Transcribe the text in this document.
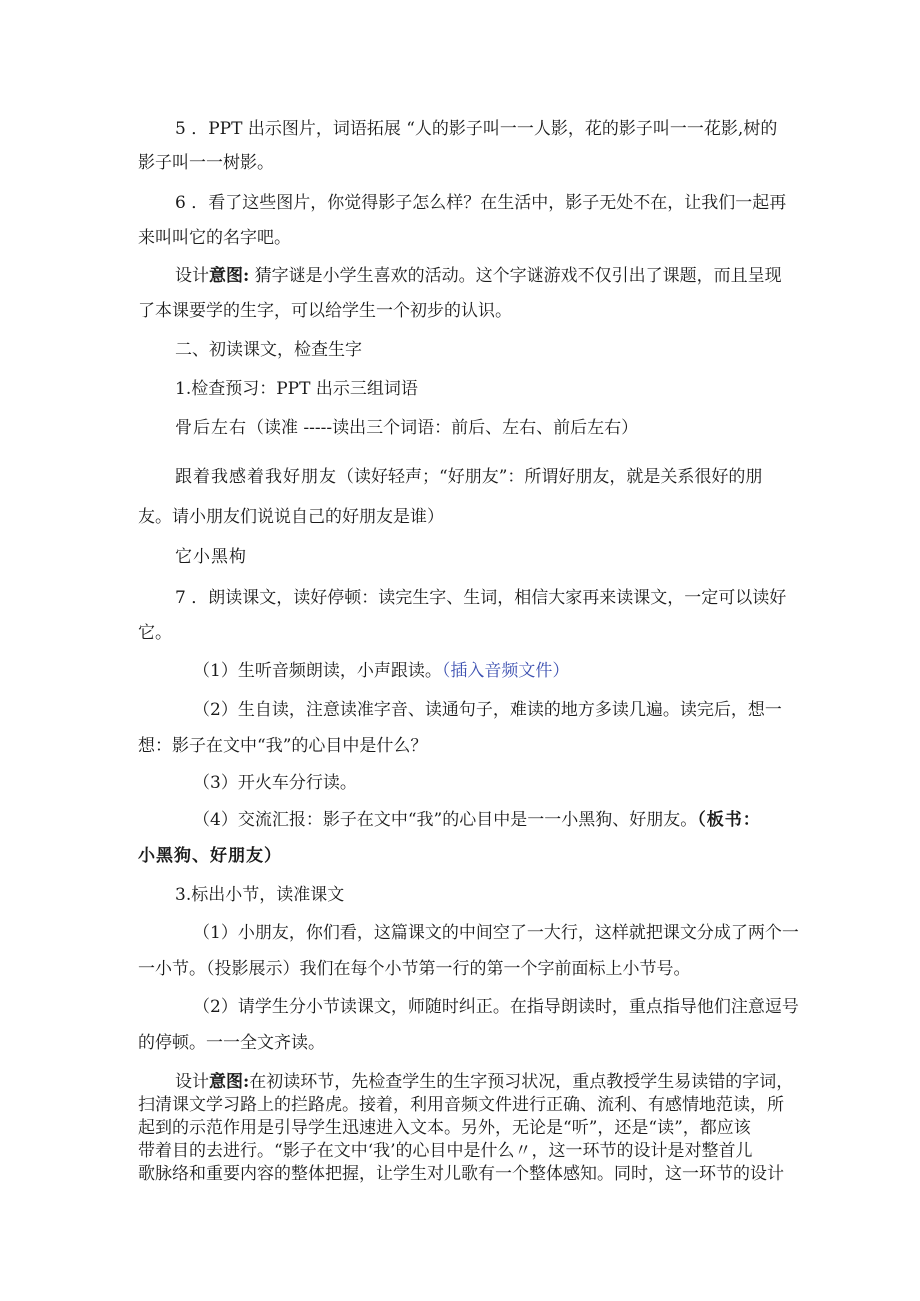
5 ．PPT 出示图片，词语拓展 “人的影子叫一一人影，花的影子叫一一花影,树的
影子叫一一树影。
6 ．看了这些图片，你觉得影子怎么样？在生活中，影子无处不在，让我们一起再
来叫叫它的名字吧。
设计意图: 猜字谜是小学生喜欢的活动。这个字谜游戏不仅引出了课题，而且呈现
了本课要学的生字，可以给学生一个初步的认识。
二、初读课文，检查生字
1.检查预习：PPT 出示三组词语
骨后左右（读准 -----读出三个词语：前后、左右、前后左右）
跟着我感着我好朋友（读好轻声；“好朋友”：所谓好朋友，就是关系很好的朋
友。请小朋友们说说自己的好朋友是谁）
它小黑枸
7 ．朗读课文，读好停顿：读完生字、生词，相信大家再来读课文，一定可以读好
它。
（1）生听音频朗读，小声跟读。（插入音频文件）
（2）生自读，注意读准字音、读通句子，难读的地方多读几遍。读完后，想一
想：影子在文中“我”的心目中是什么？
（3）开火车分行读。
（4）交流汇报：影子在文中“我”的心目中是一一小黑狗、好朋友。（板书：
小黑狗、好朋友）
3.标出小节，读准课文
（1）小朋友，你们看，这篇课文的中间空了一大行，这样就把课文分成了两个一
一小节。（投影展示）我们在每个小节第一行的第一个字前面标上小节号。
（2）请学生分小节读课文，师随时纠正。在指导朗读时，重点指导他们注意逗号
的停顿。一一全文齐读。
设计意图:在初读环节，先检查学生的生字预习状况，重点教授学生易读错的字词，
扫清课文学习路上的拦路虎。接着，利用音频文件进行正确、流利、有感情地范读，所
起到的示范作用是引导学生迅速进入文本。另外，无论是“听”，还是“读”，都应该
带着目的去进行。“影子在文中‘我’的心目中是什么〃，这一环节的设计是对整首儿
歌脉络和重要内容的整体把握，让学生对儿歌有一个整体感知。同时，这一环节的设计
